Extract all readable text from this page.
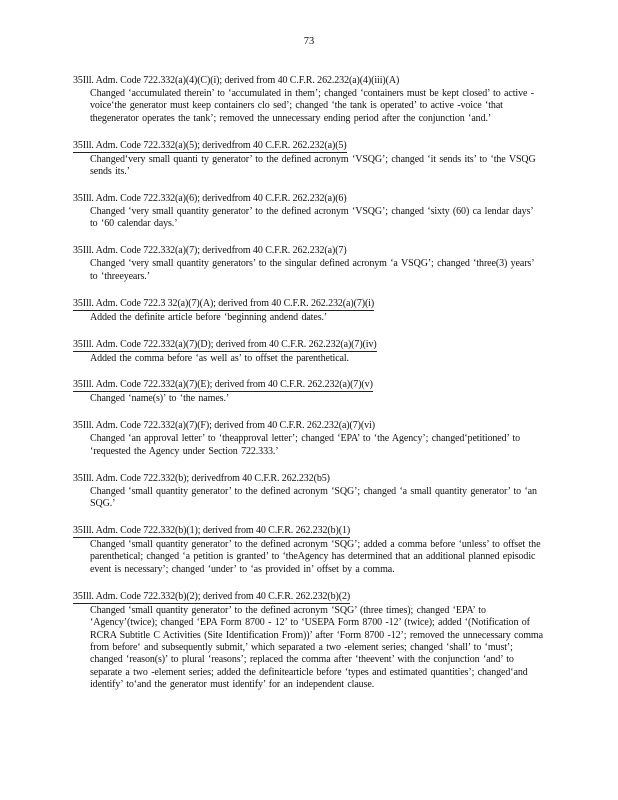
73
35Ill. Adm. Code 722.332(a)(4)(C)(i); derived from 40 C.F.R. 262.232(a)(4)(iii)(A)
Changed ‘accumulated therein’ to ‘accumulated in them’; changed ‘containers must be kept closed’ to active -voice‘the generator must keep containers clo sed’; changed ‘the tank is operated’ to active -voice ‘that thegenerator operates the tank’; removed the unnecessary ending period after the conjunction ‘and.’
35Ill. Adm. Code 722.332(a)(5); derivedfrom 40 C.F.R. 262.232(a)(5)
Changed‘very small quanti ty generator’ to the defined acronym ‘VSQG’; changed ‘it sends its’ to ‘the VSQG sends its.’
35Ill. Adm. Code 722.332(a)(6); derivedfrom 40 C.F.R. 262.232(a)(6)
Changed ‘very small quantity generator’ to the defined acronym ‘VSQG’; changed ‘sixty (60) ca lendar days’ to ‘60 calendar days.’
35Ill. Adm. Code 722.332(a)(7); derivedfrom 40 C.F.R. 262.232(a)(7)
Changed ‘very small quantity generators’ to the singular defined acronym ‘a VSQG’; changed ‘three(3) years’ to ‘threeyears.’
35Ill. Adm. Code 722.3 32(a)(7)(A); derived from 40 C.F.R. 262.232(a)(7)(i)
Added the definite article before ‘beginning andend dates.’
35Ill. Adm. Code 722.332(a)(7)(D); derived from 40 C.F.R. 262.232(a)(7)(iv)
Added the comma before ‘as well as’ to offset the parenthetical.
35Ill. Adm. Code 722.332(a)(7)(E); derived from 40 C.F.R. 262.232(a)(7)(v)
Changed ‘name(s)’ to ‘the names.’
35Ill. Adm. Code 722.332(a)(7)(F); derived from 40 C.F.R. 262.232(a)(7)(vi)
Changed ‘an approval letter’ to ‘theapproval letter’; changed ‘EPA’ to ‘the Agency’; changed‘petitioned’ to ‘requested the Agency under Section 722.333.’
35Ill. Adm. Code 722.332(b); derivedfrom 40 C.F.R. 262.232(b5)
Changed ‘small quantity generator’ to the defined acronym ‘SQG’; changed ‘a small quantity generator’ to ‘an SQG.’
35Ill. Adm. Code 722.332(b)(1); derived from 40 C.F.R. 262.232(b)(1)
Changed ‘small quantity generator’ to the defined acronym ‘SQG’; added a comma before ‘unless’ to offset the parenthetical; changed ‘a petition is granted’ to ‘theAgency has determined that an additional planned episodic event is necessary’; changed ‘under’ to ‘as provided in’ offset by a comma.
35Ill. Adm. Code 722.332(b)(2); derived from 40 C.F.R. 262.232(b)(2)
Changed ‘small quantity generator’ to the defined acronym ‘SQG’ (three times); changed ‘EPA’ to ‘Agency’(twice); changed ‘EPA Form 8700 - 12’ to ‘USEPA Form 8700 -12’ (twice); added ‘(Notification of RCRA Subtitle C Activities (Site Identification From))’ after ‘Form 8700 -12’; removed the unnecessary comma from before‘ and subsequently submit,’ which separated a two -element series; changed ‘shall’ to ‘must’; changed ‘reason(s)’ to plural ‘reasons’; replaced the comma after ‘theevent’ with the conjunction ‘and’ to separate a two -element series; added the definitearticle before ‘types and estimated quantities’; changed‘and identify’ to‘and the generator must identify’ for an independent clause.
